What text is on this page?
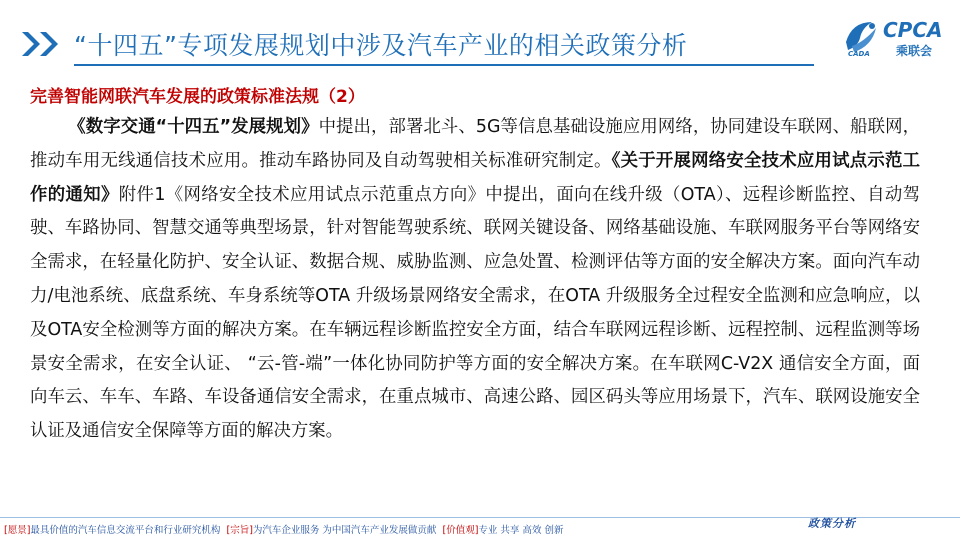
“十四五”专项发展规划中涉及汽车产业的相关政策分析	CADA
CPCA
乘联会
完善智能网联汽车发展的政策标准法规（2）
《数字交通“十四五”发展规划》中提出，部署北斗、5G等信息基础设施应用网络，协同建设车联网、船联网，推动车用无线通信技术应用。推动车路协同及自动驾驶相关标准研究制定。《关于开展网络安全技术应用试点示范工作的通知》附件1《网络安全技术应用试点示范重点方向》中提出，面向在线升级（OTA）、远程诊断监控、自动驾驶、车路协同、智慧交通等典型场景，针对智能驾驶系统、联网关键设备、网络基础设施、车联网服务平台等网络安全需求，在轻量化防护、安全认证、数据合规、威胁监测、应急处置、检测评估等方面的安全解决方案。面向汽车动力/电池系统、底盘系统、车身系统等OTA 升级场景网络安全需求，在OTA 升级服务全过程安全监测和应急响应，以及OTA安全检测等方面的解决方案。在车辆远程诊断监控安全方面，结合车联网远程诊断、远程控制、远程监测等场景安全需求，在安全认证、 “云-管-端”一体化协同防护等方面的安全解决方案。在车联网C-V2X 通信安全方面，面向车云、车车、车路、车设备通信安全需求，在重点城市、高速公路、园区码头等应用场景下，汽车、联网设施安全认证及通信安全保障等方面的解决方案。
[愿景]最具价值的汽车信息交流平台和行业研究机构 [宗旨]为汽车企业服务 为中国汽车产业发展做贡献 [价值观]专业 共享 高效 创新
政策分析
